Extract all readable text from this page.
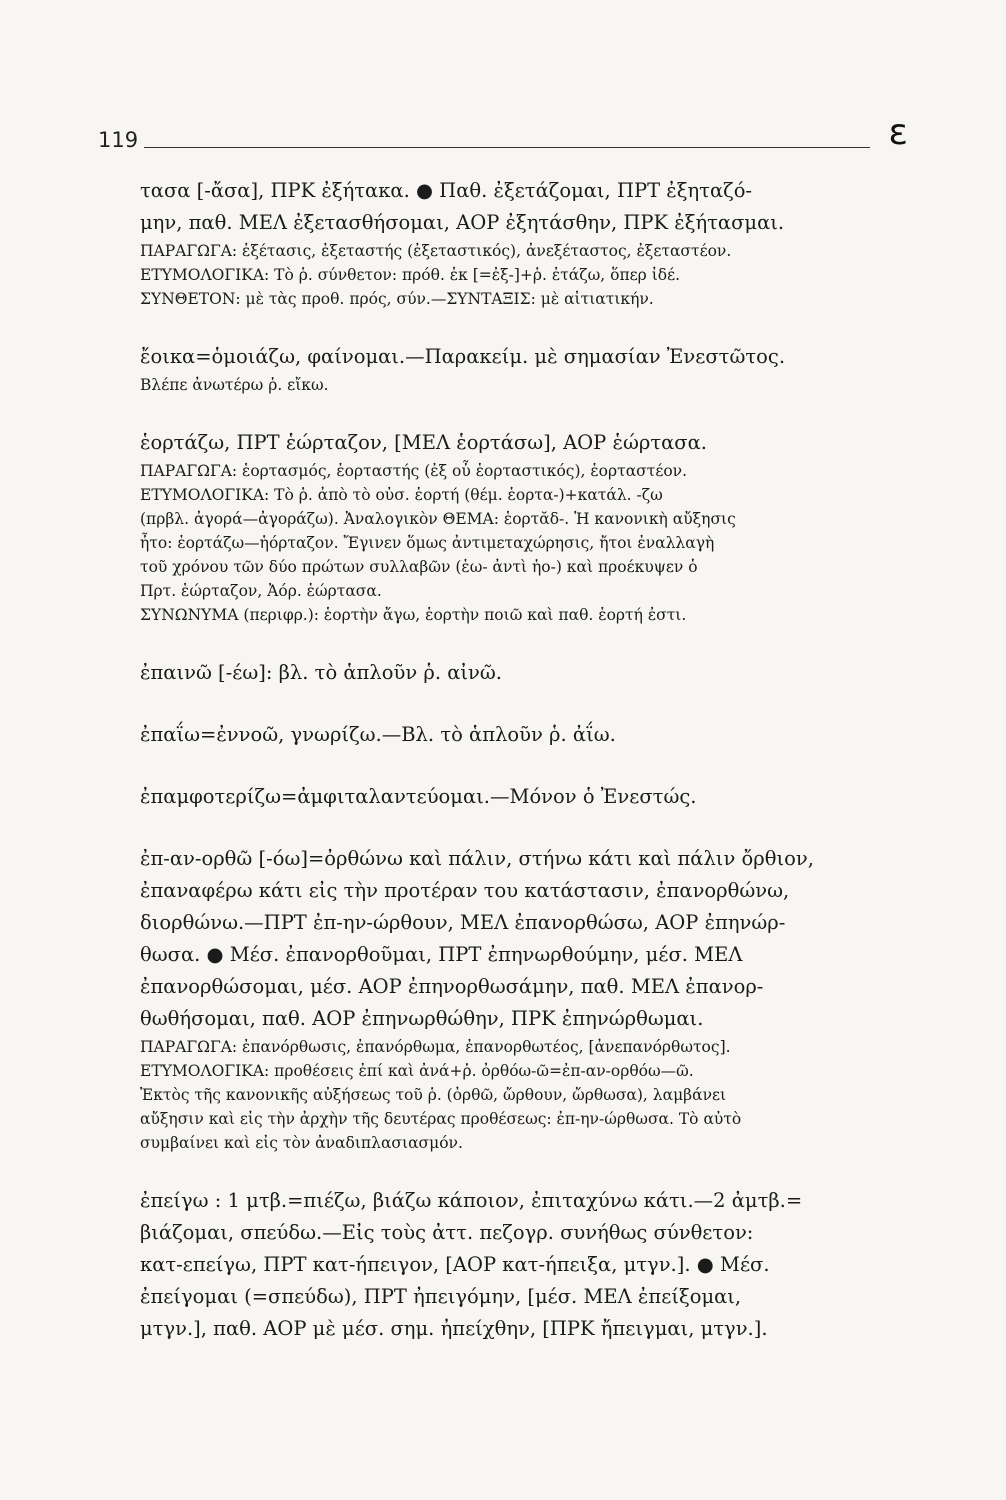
119	ε
τασα [-ἄσα], ΠΡΚ ἐξήτακα. ● Παθ. ἐξετάζομαι, ΠΡΤ ἐξηταζό-
μην, παθ. ΜΕΛ ἐξετασθήσομαι, ΑΟΡ ἐξητάσθην, ΠΡΚ ἐξήτασμαι.
ΠΑΡΑΓΩΓΑ: ἐξέτασις, ἐξεταστής (ἐξεταστικός), ἀνεξέταστος, ἐξεταστέον.
ΕΤΥΜΟΛΟΓΙΚΑ: Τὸ ῥ. σύνθετον: πρόθ. ἐκ [=ἐξ-]+ῥ. ἐτάζω, ὅπερ ἰδέ.
ΣΥΝΘΕΤΟΝ: μὲ τὰς προθ. πρός, σύν.—ΣΥΝΤΑΞΙΣ: μὲ αἰτιατικήν.
ἔοικα=ὁμοιάζω, φαίνομαι.—Παρακείμ. μὲ σημασίαν Ἐνεστῶτος.
Βλέπε ἀνωτέρω ῥ. εἴκω.
ἑορτάζω, ΠΡΤ ἑώρταζον, [ΜΕΛ ἑορτάσω], ΑΟΡ ἑώρτασα.
ΠΑΡΑΓΩΓΑ: ἑορτασμός, ἑορταστής (ἐξ οὗ ἑορταστικός), ἑορταστέον.
ΕΤΥΜΟΛΟΓΙΚΑ: Τὸ ῥ. ἀπὸ τὸ οὐσ. ἑορτή (θέμ. ἑορτα-)+κατάλ. -ζω
(πρβλ. ἀγορά—ἀγοράζω). Ἀναλογικὸν ΘΕΜΑ: ἑορτᾰδ-. Ἡ κανονικὴ αὔξησις
ἦτο: ἑορτάζω—ἡόρταζον. Ἔγινεν ὅμως ἀντιμεταχώρησις, ἤτοι ἐναλλαγὴ
τοῦ χρόνου τῶν δύο πρώτων συλλαβῶν (ἑω- ἀντὶ ἡο-) καὶ προέκυψεν ὁ
Πρτ. ἑώρταζον, Ἀόρ. ἑώρτασα.
ΣΥΝΩΝΥΜΑ (περιφρ.): ἑορτὴν ἄγω, ἑορτὴν ποιῶ καὶ παθ. ἑορτή ἐστι.
ἐπαινῶ [-έω]: βλ. τὸ ἁπλοῦν ῥ. αἰνῶ.
ἐπαΐω=ἐννοῶ, γνωρίζω.—Βλ. τὸ ἁπλοῦν ῥ. ἀΐω.
ἐπαμφοτερίζω=ἀμφιταλαντεύομαι.—Μόνον ὁ Ἐνεστώς.
ἐπ-αν-ορθῶ [-όω]=ὀρθώνω καὶ πάλιν, στήνω κάτι καὶ πάλιν ὄρθιον,
ἐπαναφέρω κάτι εἰς τὴν προτέραν του κατάστασιν, ἐπανορθώνω,
διορθώνω.—ΠΡΤ ἐπ-ην-ώρθουν, ΜΕΛ ἐπανορθώσω, ΑΟΡ ἐπηνώρ-
θωσα. ● Μέσ. ἐπανορθοῦμαι, ΠΡΤ ἐπηνωρθούμην, μέσ. ΜΕΛ
ἐπανορθώσομαι, μέσ. ΑΟΡ ἐπηνορθωσάμην, παθ. ΜΕΛ ἐπανορ-
θωθήσομαι, παθ. ΑΟΡ ἐπηνωρθώθην, ΠΡΚ ἐπηνώρθωμαι.
ΠΑΡΑΓΩΓΑ: ἐπανόρθωσις, ἐπανόρθωμα, ἐπανορθωτέος, [ἀνεπανόρθωτος].
ΕΤΥΜΟΛΟΓΙΚΑ: προθέσεις ἐπί καὶ ἀνά+ῥ. ὀρθόω-ῶ=ἐπ-αν-ορθόω—ῶ.
Ἐκτὸς τῆς κανονικῆς αὐξήσεως τοῦ ῥ. (ὀρθῶ, ὤρθουν, ὤρθωσα), λαμβάνει
αὔξησιν καὶ εἰς τὴν ἀρχὴν τῆς δευτέρας προθέσεως: ἐπ-ην-ώρθωσα. Τὸ αὐτὸ
συμβαίνει καὶ εἰς τὸν ἀναδιπλασιασμόν.
ἐπείγω : 1 μτβ.=πιέζω, βιάζω κάποιον, ἐπιταχύνω κάτι.—2 ἀμτβ.=
βιάζομαι, σπεύδω.—Εἰς τοὺς ἀττ. πεζογρ. συνήθως σύνθετον:
κατ-επείγω, ΠΡΤ κατ-ήπειγον, [ΑΟΡ κατ-ήπειξα, μτγν.]. ● Μέσ.
ἐπείγομαι (=σπεύδω), ΠΡΤ ἠπειγόμην, [μέσ. ΜΕΛ ἐπείξομαι,
μτγν.], παθ. ΑΟΡ μὲ μέσ. σημ. ἠπείχθην, [ΠΡΚ ἤπειγμαι, μτγν.].
